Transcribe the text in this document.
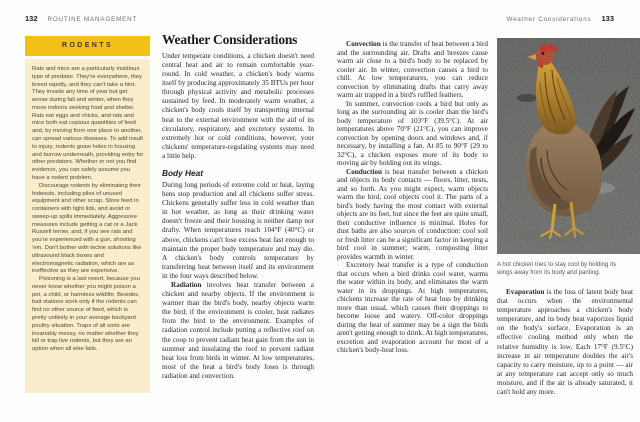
132 ROUTINE MANAGEMENT
RODENTS

Rats and mice are a particularly insidious type of predator. They're everywhere, they breed rapidly, and they can't take a hint. They invade any time of year but get worse during fall and winter, when they move indoors seeking food and shelter. Rats eat eggs and chicks, and rats and mice both eat copious quantities of feed and, by moving from one place to another, can spread various diseases. To add insult to injury, rodents gnaw holes in housing and burrow underneath, providing entry for other predators. Whether or not you find evidence, you can safely assume you have a rodent problem.

Discourage rodents by eliminating their hideouts, including piles of unused equipment and other scrap. Store feed in containers with tight lids, and avoid or sweep-up spills immediately. Aggressive measures include getting a cat or a Jack Russell terrier, and, if you see rats and you're experienced with a gun, shooting 'em. Don't bother with techie solutions like ultrasound black boxes and electromagnetic radiation, which are as ineffective as they are expensive.

Poisoning is a last resort, because you never know whether you might poison a pet, a child, or harmless wildlife. Besides, bait stations work only if the rodents can find no other source of feed, which is pretty unlikely in your average backyard poultry situation. Traps of all sorts are invariably messy, no matter whether they kill or trap live rodents, but they are an option when all else fails.

Weather Considerations

Under temperate conditions, a chicken doesn't need central heat and air to remain comfortable year-round. In cold weather, a chicken's body warms itself by producing approximately 35 BTUs per hour through physical activity and metabolic processes sustained by feed. In moderately warm weather, a chicken's body cools itself by transporting internal heat to the external environment with the aid of its circulatory, respiratory, and excretory systems. In extremely hot or cold conditions, however, your chickens' temperature-regulating systems may need a little help.

Body Heat

During long periods of extreme cold or heat, laying hens stop production and all chickens suffer stress. Chickens generally suffer less in cold weather than in hot weather, as long as their drinking water doesn't freeze and their housing is neither damp nor drafty. When temperatures reach 104°F (40°C) or above, chickens can't lose excess heat fast enough to maintain the proper body temperature and may die. A chicken's body controls temperature by transferring heat between itself and its environment in the four ways described below.

Radiation involves heat transfer between a chicken and nearby objects. If the environment is warmer than the bird's body, nearby objects warm the bird; if the environment is cooler, heat radiates from the bird to the environment. Examples of radiation control include putting a reflective roof on the coop to prevent radiant heat gain from the sun in summer and insulating the roof to prevent radiant heat loss from birds in winter. At low temperatures, most of the heat a bird's body loses is through radiation and convection.

Weather Considerations 133

Convection is the transfer of heat between a bird and the surrounding air. Drafts and breezes cause warm air close to a bird's body to be replaced by cooler air. In winter, convection causes a bird to chill. At low temperatures, you can reduce convection by eliminating drafts that carry away warm air trapped in a bird's ruffled feathers.

In summer, convection cools a bird but only as long as the surrounding air is cooler than the bird's body temperature of 103°F (39.5°C). At air temperatures above 70°F (21°C), you can improve convection by opening doors and windows and, if necessary, by installing a fan. At 85 to 90°F (29 to 32°C), a chicken exposes more of its body to moving air by holding out its wings.

Conduction is heat transfer between a chicken and objects its body contacts — floors, litter, nests, and so forth. As you might expect, warm objects warm the bird, cool objects cool it. The parts of a bird's body having the most contact with external objects are its feet, but since the feet are quite small, their conductive influence is minimal. Holes for dust baths are also sources of conduction: cool soil or fresh litter can be a significant factor in keeping a bird cool in summer; warm, composting litter provides warmth in winter.

Excretory heat transfer is a type of conduction that occurs when a bird drinks cool water, warms the water within its body, and eliminates the warm water in its droppings. At high temperatures, chickens increase the rate of heat loss by drinking more than usual, which causes their droppings to become loose and watery. Off-color droppings during the heat of summer may be a sign the birds aren't getting enough to drink. At high temperatures, excretion and evaporation account for most of a chicken's body-heat loss.

A hot chicken tries to stay cool by holding its wings away from its body and panting.

Evaporation is the loss of latent body heat that occurs when the environmental temperature approaches a chicken's body temperature, and its body heat vaporizes liquid on the body's surface. Evaporation is an effective cooling method only when the relative humidity is low. Each 17°F (9.5°C) increase in air temperature doubles the air's capacity to carry moisture, up to a point — air at any temperature can accept only so much moisture, and if the air is already saturated, it can't hold any more.
